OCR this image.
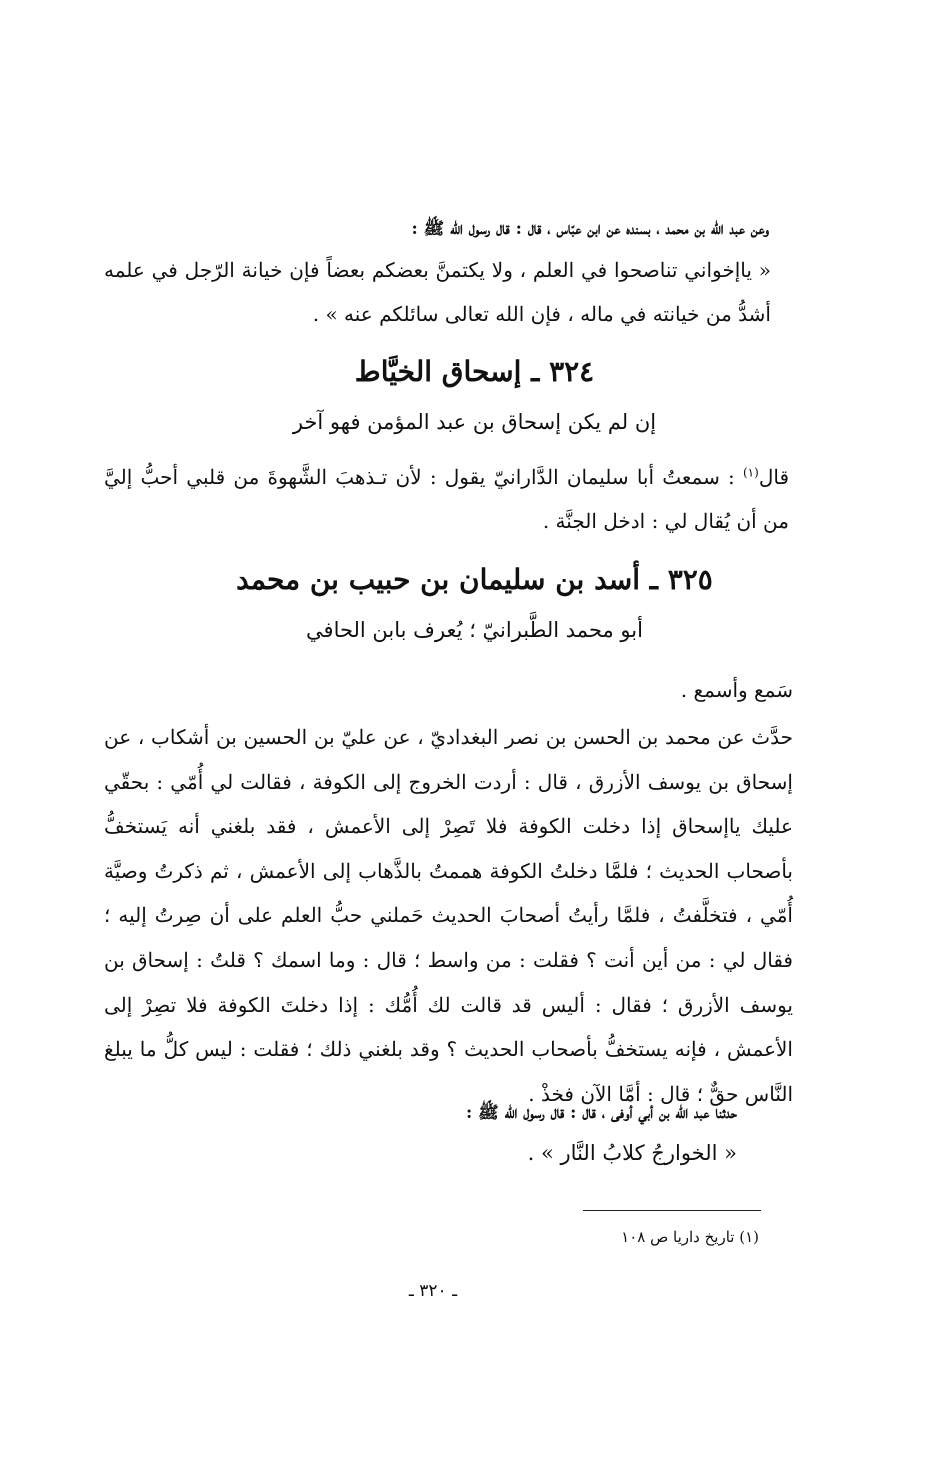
وعن عبد الله بن محمد ، بسنده عن ابن عبّاس ، قال : قال رسول الله ﷺ :
« ياإخواني تناصحوا في العلم ، ولا يكتمنَّ بعضكم بعضاً فإن خيانة الرّجل في علمه أشدُّ من خيانته في ماله ، فإن الله تعالى سائلكم عنه » .
٣٢٤ ـ إسحاق الخيَّاط
إن لم يكن إسحاق بن عبد المؤمن فهو آخر
قال$^{(١)}$ : سمعتُ أبا سليمان الدَّارانيّ يقول : لأن تـذهبَ الشَّهوةَ من قلبي أحبُّ إليَّ من أن يُقال لي : ادخل الجنَّة .
٣٢٥ ـ أسد بن سليمان بن حبيب بن محمد
أبو محمد الطَّبرانيّ ؛ يُعرف بابن الحافي
سَمع وأسمع .
حدَّث عن محمد بن الحسن بن نصر البغداديّ ، عن عليّ بن الحسين بن أشكاب ، عن إسحاق بن يوسف الأزرق ، قال : أردت الخروج إلى الكوفة ، فقالت لي أُمّي : بحقّي عليك ياإسحاق إذا دخلت الكوفة فلا تَصِرْ إلى الأعمش ، فقد بلغني أنه يَستخفُّ بأصحاب الحديث ؛ فلمَّا دخلتُ الكوفة هممتُ بالذَّهاب إلى الأعمش ، ثم ذكرتُ وصيَّة أُمّي ، فتخلَّفتُ ، فلمَّا رأيتُ أصحابَ الحديث حَملني حبُّ العلم على أن صِرتُ إليه ؛ فقال لي : من أين أنت ؟ فقلت : من واسط ؛ قال : وما اسمك ؟ قلتُ : إسحاق بن يوسف الأزرق ؛ فقال : أليس قد قالت لك أُمُّك : إذا دخلتَ الكوفة فلا تصِرْ إلى الأعمش ، فإنه يستخفُّ بأصحاب الحديث ؟ وقد بلغني ذلك ؛ فقلت : ليس كلُّ ما يبلغ النَّاس حقٌّ ؛ قال : أمَّا الآن فخذْ .
حدثنا عبد الله بن أبي أوفى ، قال : قال رسول الله ﷺ :
« الخوارجُ كلابُ النَّار » .
(١) تاريخ داريا ص ١٠٨
ـ ٣٢٠ ـ
